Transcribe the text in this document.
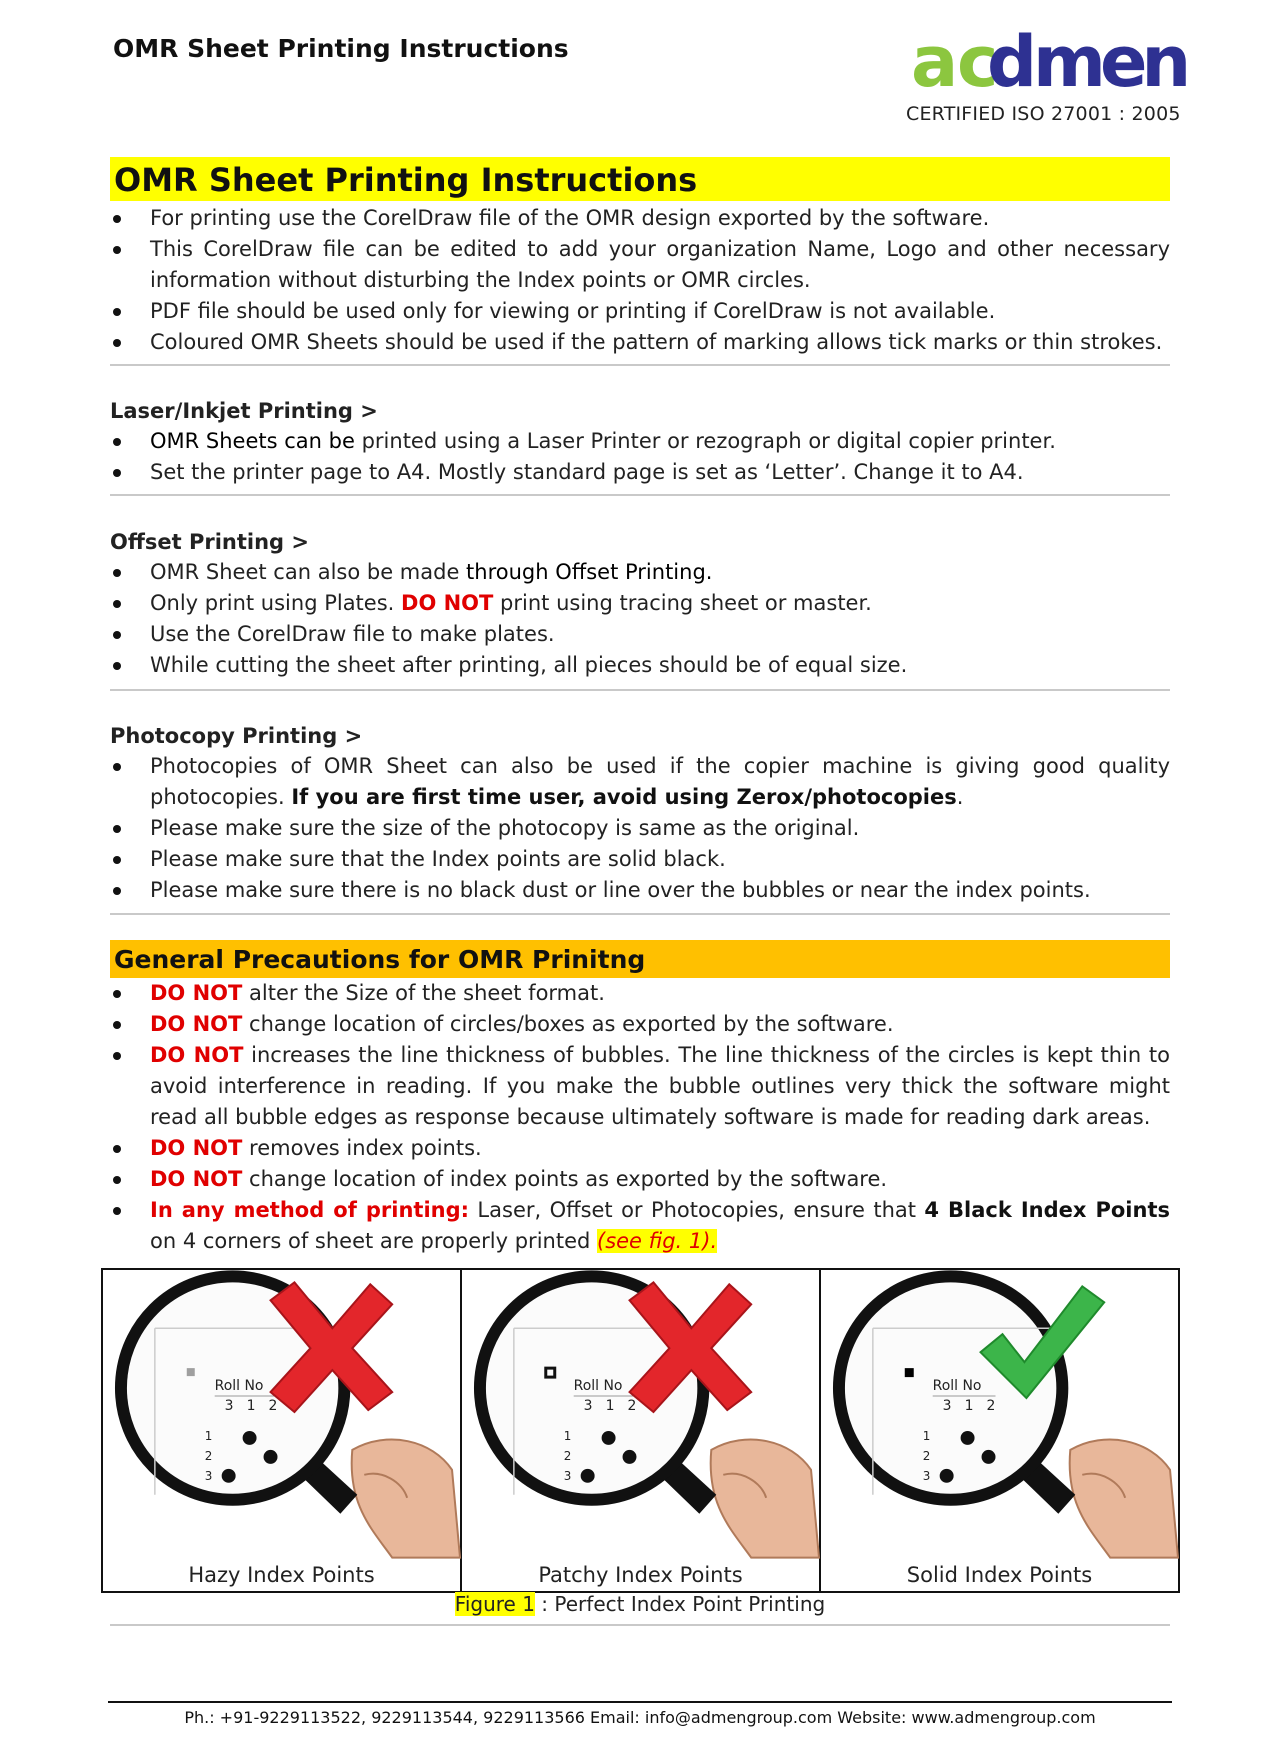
OMR Sheet Printing Instructions	a c
d men
CERTIFIED ISO 27001 : 2005
OMR Sheet Printing Instructions
For printing use the CorelDraw file of the OMR design exported by the software.
This CorelDraw file can be edited to add your organization Name, Logo and other necessary information without disturbing the Index points or OMR circles.
PDF file should be used only for viewing or printing if CorelDraw is not available.
Coloured OMR Sheets should be used if the pattern of marking allows tick marks or thin strokes.
Laser/Inkjet Printing >
OMR Sheets can be printed using a Laser Printer or rezograph or digital copier printer.
Set the printer page to A4. Mostly standard page is set as ‘Letter’. Change it to A4.
Offset Printing >
OMR Sheet can also be made through Offset Printing.
Only print using Plates. DO NOT print using tracing sheet or master.
Use the CorelDraw file to make plates.
While cutting the sheet after printing, all pieces should be of equal size.
Photocopy Printing >
Photocopies of OMR Sheet can also be used if the copier machine is giving good quality photocopies. If you are first time user, avoid using Zerox/photocopies.
Please make sure the size of the photocopy is same as the original.
Please make sure that the Index points are solid black.
Please make sure there is no black dust or line over the bubbles or near the index points.
General Precautions for OMR Prinitng
DO NOT alter the Size of the sheet format.
DO NOT change location of circles/boxes as exported by the software.
DO NOT increases the line thickness of bubbles. The line thickness of the circles is kept thin to avoid interference in reading. If you make the bubble outlines very thick the software might read all bubble edges as response because ultimately software is made for reading dark areas.
DO NOT removes index points.
DO NOT change location of index points as exported by the software.
In any method of printing: Laser, Offset or Photocopies, ensure that 4 Black Index Points on 4 corners of sheet are properly printed (see fig. 1).
Roll No
3 1 2
1
2
3
Hazy Index Points
Roll No
3 1 2
1
2
3
Patchy Index Points
Roll No
3 1 2
1
2
3
Solid Index Points
Figure 1 : Perfect Index Point Printing
Ph.: +91-9229113522, 9229113544, 9229113566 Email: info@admengroup.com Website: www.admengroup.com
